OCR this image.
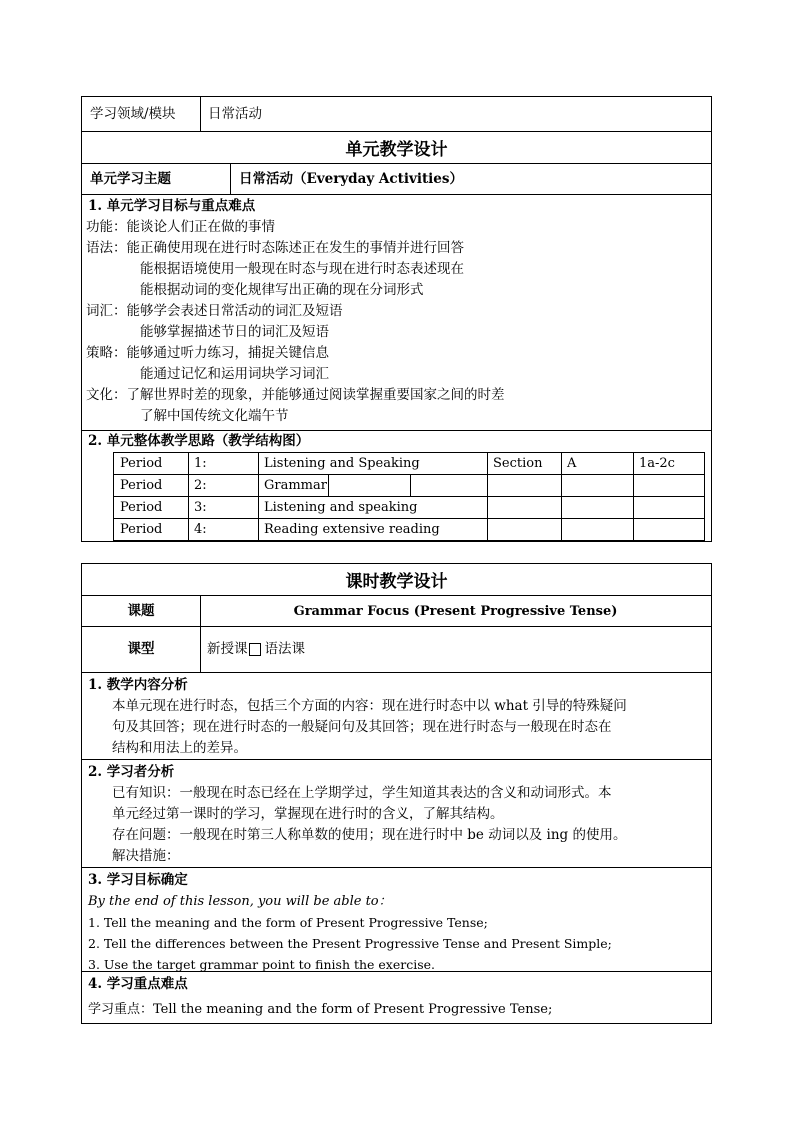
学习领域/模块 日常活动
单元教学设计
单元学习主题	日常活动（Everyday Activities）
1. 单元学习目标与重点难点
功能：能谈论人们正在做的事情
语法：能正确使用现在进行时态陈述正在发生的事情并进行回答
能根据语境使用一般现在时态与现在进行时态表述现在
能根据动词的变化规律写出正确的现在分词形式
词汇：能够学会表述日常活动的词汇及短语
能够掌握描述节日的词汇及短语
策略：能够通过听力练习，捕捉关键信息
能通过记忆和运用词块学习词汇
文化：了解世界时差的现象，并能够通过阅读掌握重要国家之间的时差
了解中国传统文化端午节
2. 单元整体教学思路（教学结构图）
Period	1:	Listening and Speaking	Section	A	1a-2c
Period	2:	Grammar
Period	3:	Listening and speaking
Period	4:	Reading extensive reading
课时教学设计
课题	Grammar Focus (Present Progressive Tense)
课型	新授课 语法课
1. 教学内容分析
本单元现在进行时态，包括三个方面的内容：现在进行时态中以 what 引导的特殊疑问
句及其回答；现在进行时态的一般疑问句及其回答；现在进行时态与一般现在时态在
结构和用法上的差异。
2. 学习者分析
已有知识：一般现在时态已经在上学期学过，学生知道其表达的含义和动词形式。本
单元经过第一课时的学习，掌握现在进行时的含义，了解其结构。
存在问题：一般现在时第三人称单数的使用；现在进行时中 be 动词以及 ing 的使用。
解决措施：
3. 学习目标确定
By the end of this lesson, you will be able to：
1. Tell the meaning and the form of Present Progressive Tense;
2. Tell the differences between the Present Progressive Tense and Present Simple;
3. Use the target grammar point to finish the exercise.
4. 学习重点难点
学习重点：Tell the meaning and the form of Present Progressive Tense;
